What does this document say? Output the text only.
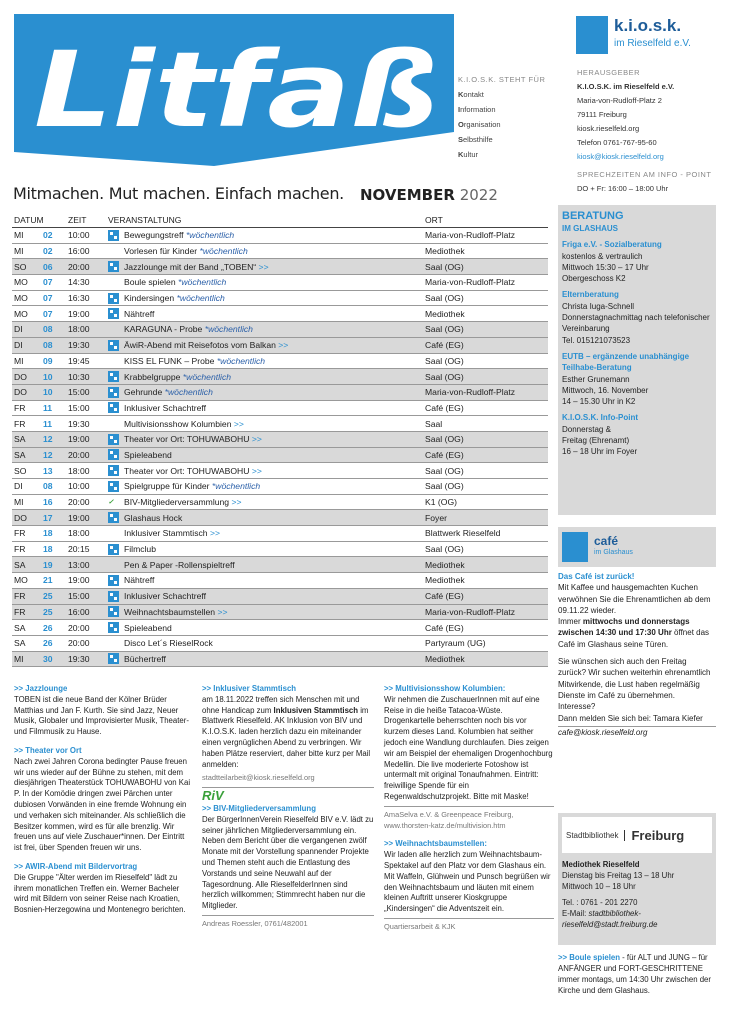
Litfaß	K.I.O.S.K. STEHT FÜR
Kontakt
Information
Organisation
Selbsthilfe
Kultur
k.i.o.s.k.
im Rieselfeld e.V.
HERAUSGEBER
K.I.O.S.K. im Rieselfeld e.V.
Maria-von-Rudloff-Platz 2
79111 Freiburg
kiosk.rieselfeld.org
Telefon 0761-767-95-60
kiosk@kiosk.rieselfeld.org
SPRECHZEITEN AM INFO - POINT
DO + Fr: 16:00 – 18:00 Uhr
Mitmachen. Mut machen. Einfach machen. NOVEMBER 2022
DATUM	ZEIT	VERANSTALTUNG	ORT
MI	02	10:00	Bewegungstreff *wöchentlich	Maria-von-Rudloff-Platz
MI	02	16:00	Vorlesen für Kinder *wöchentlich	Mediothek
SO	06	20:00	Jazzlounge mit der Band „TOBEN“ >>	Saal (OG)
MO	07	14:30	Boule spielen *wöchentlich	Maria-von-Rudloff-Platz
MO	07	16:30	Kindersingen *wöchentlich	Saal (OG)
MO	07	19:00	Nähtreff	Mediothek
DI	08	18:00	KARAGUNA - Probe *wöchentlich	Saal (OG)
DI	08	19:30	ÄwiR-Abend mit Reisefotos vom Balkan >>	Café (EG)
MI	09	19:45	KISS EL FUNK – Probe *wöchentlich	Saal (OG)
DO	10	10:30	Krabbelgruppe *wöchentlich	Saal (OG)
DO	10	15:00	Gehrunde *wöchentlich	Maria-von-Rudloff-Platz
FR	11	15:00	Inklusiver Schachtreff	Café (EG)
FR	11	19:30	Multivisionsshow Kolumbien >>	Saal
SA	12	19:00	Theater vor Ort: TOHUWABOHU >>	Saal (OG)
SA	12	20:00	Spieleabend	Café (EG)
SO	13	18:00	Theater vor Ort: TOHUWABOHU >>	Saal (OG)
DI	08	10:00	Spielgruppe für Kinder *wöchentlich	Saal (OG)
MI	16	20:00	✓ BIV-Mitgliederversammlung >>	K1 (OG)
DO	17	19:00	Glashaus Hock	Foyer
FR	18	18:00	Inklusiver Stammtisch >>	Blattwerk Rieselfeld
FR	18	20:15	Filmclub	Saal (OG)
SA	19	13:00	Pen & Paper -Rollenspieltreff	Mediothek
MO	21	19:00	Nähtreff	Mediothek
FR	25	15:00	Inklusiver Schachtreff	Café (EG)
FR	25	16:00	Weihnachtsbaumstellen >>	Maria-von-Rudloff-Platz
SA	26	20:00	Spieleabend	Café (EG)
SA	26	20:00	Disco Let´s RieselRock	Partyraum (UG)
MI	30	19:30	Büchertreff	Mediothek
>> Jazzlounge
TOBEN ist die neue Band der Kölner Brüder Matthias und Jan F. Kurth. Sie sind Jazz, Neuer Musik, Globaler und Improvisierter Musik, Theater- und Filmmusik zu Hause.
>> Theater vor Ort
Nach zwei Jahren Corona bedingter Pause freuen wir uns wieder auf der Bühne zu stehen, mit dem diesjährigen Theaterstück TOHUWABOHU von Kai P. In der Komödie dringen zwei Pärchen unter dubiosen Vorwänden in eine fremde Wohnung ein und verhaken sich miteinander. Als schließlich die Besitzer kommen, wird es für alle brenzlig. Wir freuen uns auf viele Zuschauer*innen. Der Eintritt ist frei, über Spenden freuen wir uns.
>> AWIR-Abend mit Bildervortrag
Die Gruppe "Älter werden im Rieselfeld" lädt zu ihrem monatlichen Treffen ein. Werner Bacheler wird mit Bildern von seiner Reise nach Kroatien, Bosnien-Herzegowina und Montenegro berichten.
>> Inklusiver Stammtisch
am 18.11.2022 treffen sich Menschen mit und ohne Handicap zum Inklusiven Stammtisch im Blattwerk Rieselfeld. AK Inklusion von BIV und K.I.O.S.K. laden herzlich dazu ein miteinander einen vergnüglichen Abend zu verbringen. Wir haben Plätze reserviert, daher bitte kurz per Mail anmelden:
stadtteilarbeit@kiosk.rieselfeld.org
RiV
>> BIV-Mitgliederversammlung
Der BürgerInnenVerein Rieselfeld BIV e.V. lädt zu seiner jährlichen Mitgliederversammlung ein. Neben dem Bericht über die vergangenen zwölf Monate mit der Vorstellung spannender Projekte und Themen steht auch die Entlastung des Vorstands und seine Neuwahl auf der Tagesordnung. Alle RieselfelderInnen sind herzlich willkommen; Stimmrecht haben nur die Mitglieder.
Andreas Roessler, 0761/482001
>> Multivisionsshow Kolumbien:
Wir nehmen die ZuschauerInnen mit auf eine Reise in die heiße Tatacoa-Wüste. Drogenkartelle beherrschten noch bis vor kurzem dieses Land. Kolumbien hat seither jedoch eine Wandlung durchlaufen. Dies zeigen wir am Beispiel der ehemaligen Drogenhochburg Medellin. Die live moderierte Fotoshow ist untermalt mit original Tonaufnahmen. Eintritt: freiwillige Spende für ein Regenwaldschutzprojekt. Bitte mit Maske!
AmaSelva e.V. & Greenpeace Freiburg,
www.thorsten-katz.de/multivision.htm
>> Weihnachtsbaumstellen:
Wir laden alle herzlich zum Weihnachtsbaum-Spektakel auf den Platz vor dem Glashaus ein. Mit Waffeln, Glühwein und Punsch begrüßen wir den Weihnachtsbaum und läuten mit einem kleinen Auftritt unserer Kioskgruppe „Kindersingen“ die Adventszeit ein.
Quartiersarbeit & KJK
BERATUNG
IM GLASHAUS
Friga e.V. - Sozialberatung
kostenlos & vertraulich
Mittwoch 15:30 – 17 Uhr
Obergeschoss K2
Elternberatung
Christa Iuga-Schnell
Donnerstagnachmittag nach telefonischer Vereinbarung
Tel. 015121073523
EUTB – ergänzende unabhängige Teilhabe-Beratung
Esther Grunemann
Mittwoch, 16. November
14 – 15.30 Uhr in K2
K.I.O.S.K. Info-Point
Donnerstag &
Freitag (Ehrenamt)
16 – 18 Uhr im Foyer
café
im Glashaus
Das Café ist zurück!
Mit Kaffee und hausgemachten Kuchen verwöhnen Sie die Ehrenamtlichen ab dem 09.11.22 wieder.
Immer mittwochs und donnerstags zwischen 14:30 und 17:30 Uhr öffnet das Café im Glashaus seine Türen.
Sie wünschen sich auch den Freitag zurück? Wir suchen weiterhin ehrenamtlich Mitwirkende, die Lust haben regelmäßig Dienste im Café zu übernehmen.
Interesse?
Dann melden Sie sich bei: Tamara Kiefer
cafe@kiosk.rieselfeld.org
Stadtbibliothek	Freiburg
Mediothek Rieselfeld
Dienstag bis Freitag 13 – 18 Uhr
Mittwoch 10 – 18 Uhr
Tel. : 0761 - 201 2270
E-Mail: stadtbibliothek-rieselfeld@stadt.freiburg.de
>> Boule spielen - für ALT und JUNG – für ANFÄNGER und FORT-GESCHRITTENE immer montags, um 14:30 Uhr zwischen der Kirche und dem Glashaus.
